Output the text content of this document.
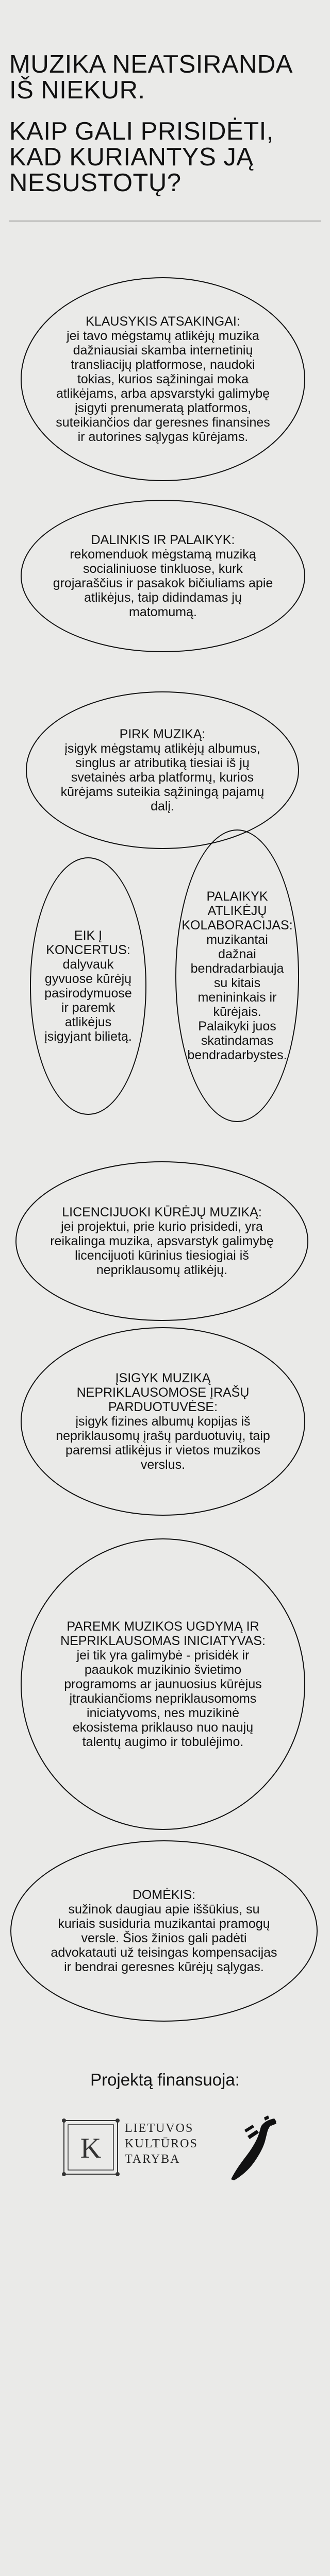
MUZIKA NEATSIRANDA IŠ NIEKUR.
KAIP GALI PRISIDĖTI, KAD KURIANTYS JĄ NESUSTOTŲ?
KLAUSYKIS ATSAKINGAI:
jei tavo mėgstamų atlikėjų muzika dažniausiai skamba internetinių transliacijų platformose, naudoki tokias, kurios sąžiningai moka atlikėjams, arba apsvarstyki galimybę įsigyti prenumeratą platformos, suteikiančios dar geresnes finansines ir autorines sąlygas kūrėjams.
DALINKIS IR PALAIKYK:
rekomenduok mėgstamą muziką socialiniuose tinkluose, kurk grojaraščius ir pasakok bičiuliams apie atlikėjus, taip didindamas jų matomumą.
PIRK MUZIKĄ:
įsigyk mėgstamų atlikėjų albumus, singlus ar atributiką tiesiai iš jų svetainės arba platformų, kurios kūrėjams suteikia sąžiningą pajamų dalį.
EIK Į KONCERTUS:
dalyvauk gyvuose kūrėjų pasirodymuose ir paremk atlikėjus įsigyjant bilietą.
PALAIKYK ATLIKĖJŲ KOLABORACIJAS:
muzikantai dažnai bendradarbiauja su kitais menininkais ir kūrėjais. Palaikyki juos skatindamas bendradarbystes.
LICENCIJUOKI KŪRĖJŲ MUZIKĄ:
jei projektui, prie kurio prisidedi, yra reikalinga muzika, apsvarstyk galimybę licencijuoti kūrinius tiesiogiai iš nepriklausomų atlikėjų.
ĮSIGYK MUZIKĄ NEPRIKLAUSOMOSE ĮRAŠŲ PARDUOTUVĖSE:
įsigyk fizines albumų kopijas iš nepriklausomų įrašų parduotuvių, taip paremsi atlikėjus ir vietos muzikos verslus.
PAREMK MUZIKOS UGDYMĄ IR NEPRIKLAUSOMAS INICIATYVAS:
jei tik yra galimybė - prisidėk ir paaukok muzikinio švietimo programoms ar jaunuosius kūrėjus įtraukiančioms nepriklausomoms iniciatyvoms, nes muzikinė ekosistema priklauso nuo naujų talentų augimo ir tobulėjimo.
DOMĖKIS:
sužinok daugiau apie iššūkius, su kuriais susiduria muzikantai pramogų versle. Šios žinios gali padėti advokatauti už teisingas kompensacijas ir bendrai geresnes kūrėjų sąlygas.
Projektą finansuoja:
K
LIETUVOS
KULTŪROS
TARYBA
